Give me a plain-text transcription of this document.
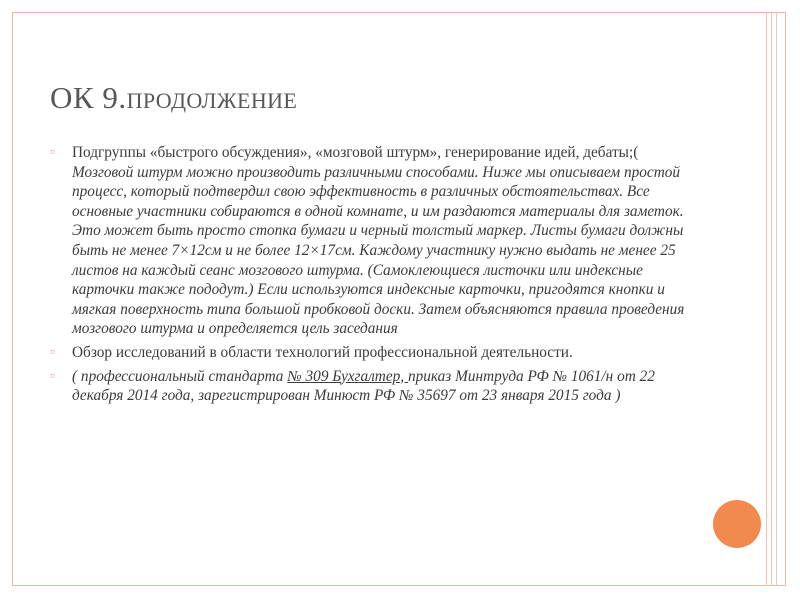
ОК 9.ПРОДОЛЖЕНИЕ
▫ Подгруппы «быстрого обсуждения», «мозговой штурм», генерирование идей, дебаты;( Мозговой штурм можно производить различными способами. Ниже мы описываем простой процесс, который подтвердил свою эффективность в различных обстоятельствах. Все основные участники собираются в одной комнате, и им раздаются материалы для заметок. Это может быть просто стопка бумаги и черный толстый маркер. Листы бумаги должны быть не менее 7×12см и не более 12×17см. Каждому участнику нужно выдать не менее 25 листов на каждый сеанс мозгового штурма. (Самоклеющиеся листочки или индексные карточки также пододут.) Если используются индексные карточки, пригодятся кнопки и мягкая поверхность типа большой пробковой доски. Затем объясняются правила проведения мозгового штурма и определяется цель заседания
▫ Обзор исследований в области технологий профессиональной деятельности.
▫ ( профессиональный стандарта № 309 Бухгалтер, приказ Минтруда РФ № 1061/н от 22 декабря 2014 года, зарегистрирован Минюст РФ № 35697 от 23 января 2015 года )
